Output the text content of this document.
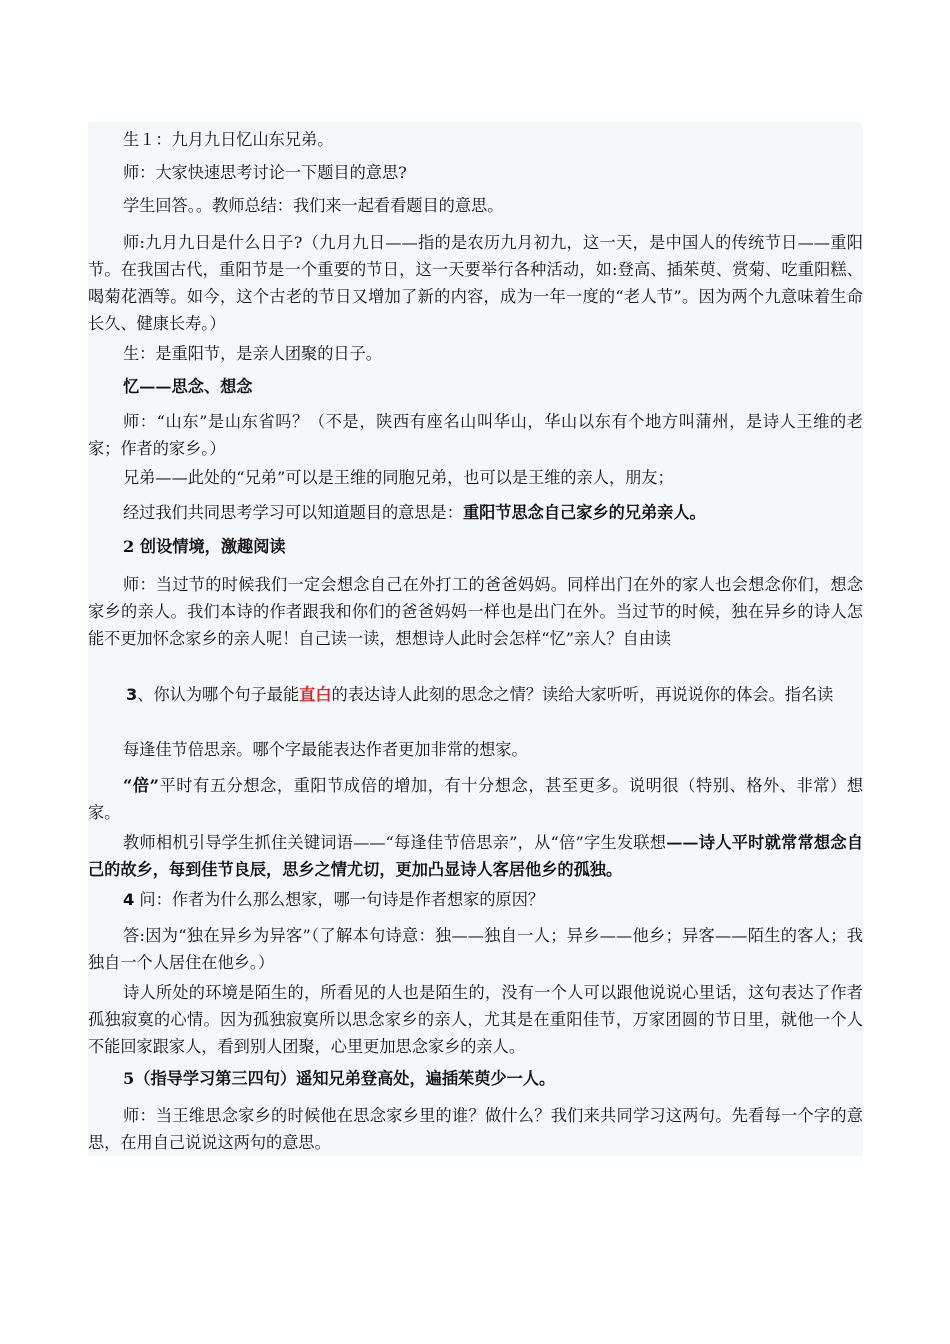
生１：九月九日忆山东兄弟。
师：大家快速思考讨论一下题目的意思?
学生回答。。教师总结：我们来一起看看题目的意思。
师:九月九日是什么日子?（九月九日——指的是农历九月初九，这一天，是中国人的传统节日——重阳节。在我国古代，重阳节是一个重要的节日，这一天要举行各种活动，如:登高、插茱萸、赏菊、吃重阳糕、喝菊花酒等。如今，这个古老的节日又增加了新的内容，成为一年一度的“老人节”。因为两个九意味着生命长久、健康长寿。）
生：是重阳节，是亲人团聚的日子。
忆——思念、想念
师：“山东”是山东省吗？（不是，陕西有座名山叫华山，华山以东有个地方叫蒲州，是诗人王维的老家；作者的家乡。）
兄弟——此处的“兄弟”可以是王维的同胞兄弟，也可以是王维的亲人，朋友；
经过我们共同思考学习可以知道题目的意思是：重阳节思念自己家乡的兄弟亲人。
2 创设情境，激趣阅读
师：当过节的时候我们一定会想念自己在外打工的爸爸妈妈。同样出门在外的家人也会想念你们，想念家乡的亲人。我们本诗的作者跟我和你们的爸爸妈妈一样也是出门在外。当过节的时候，独在异乡的诗人怎能不更加怀念家乡的亲人呢！自己读一读，想想诗人此时会怎样“忆”亲人？自由读
3、你认为哪个句子最能直白的表达诗人此刻的思念之情？读给大家听听，再说说你的体会。指名读
每逢佳节倍思亲。哪个字最能表达作者更加非常的想家。
“倍”平时有五分想念，重阳节成倍的增加，有十分想念，甚至更多。说明很（特别、格外、非常）想家。
教师相机引导学生抓住关键词语——“每逢佳节倍思亲”，从“倍”字生发联想——诗人平时就常常想念自己的故乡，每到佳节良辰，思乡之情尤切，更加凸显诗人客居他乡的孤独。
4 问：作者为什么那么想家，哪一句诗是作者想家的原因？
答:因为“独在异乡为异客”（了解本句诗意：独——独自一人；异乡——他乡；异客——陌生的客人；我独自一个人居住在他乡。）
诗人所处的环境是陌生的，所看见的人也是陌生的，没有一个人可以跟他说说心里话，这句表达了作者孤独寂寞的心情。因为孤独寂寞所以思念家乡的亲人，尤其是在重阳佳节，万家团圆的节日里，就他一个人不能回家跟家人，看到别人团聚，心里更加思念家乡的亲人。
5（指导学习第三四句）遥知兄弟登高处，遍插茱萸少一人。
师：当王维思念家乡的时候他在思念家乡里的谁？做什么？我们来共同学习这两句。先看每一个字的意思，在用自己说说这两句的意思。
